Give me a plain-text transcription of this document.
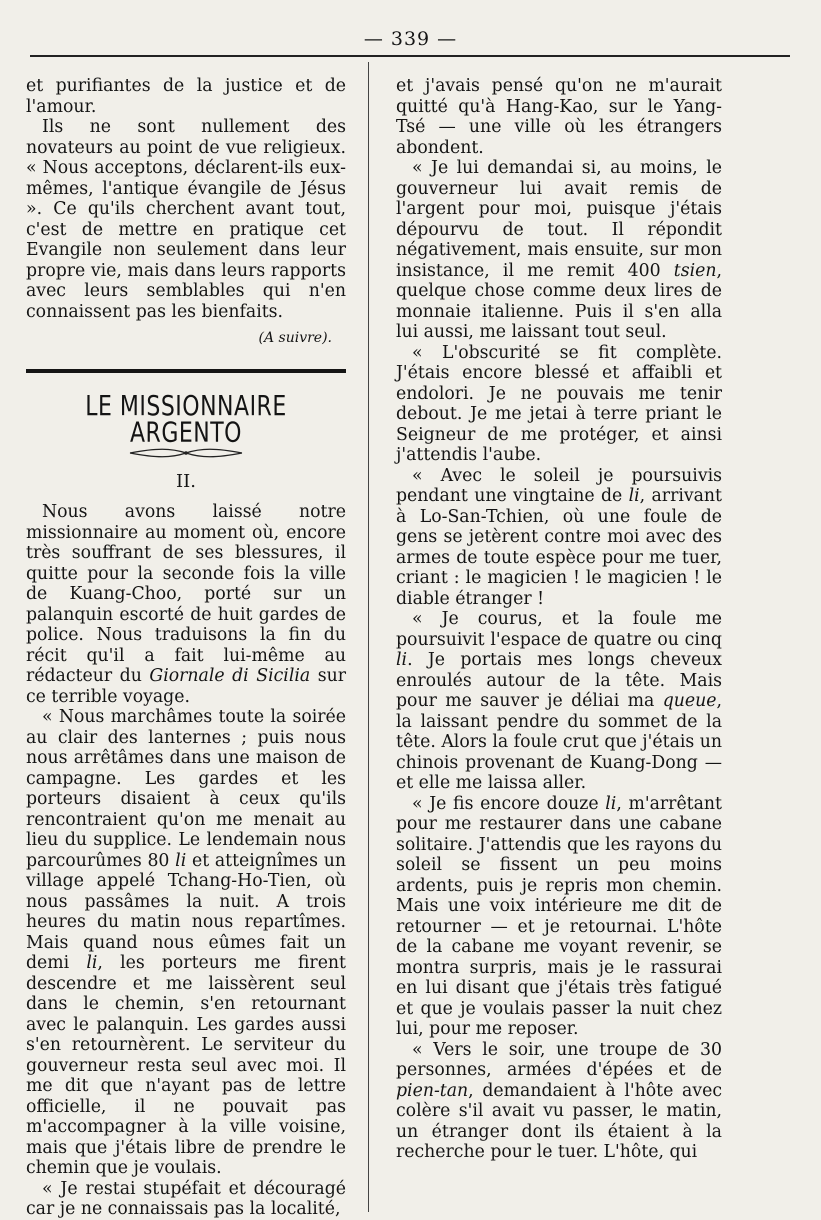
— 339 —

et purifiantes de la justice et de l'amour.

Ils ne sont nullement des novateurs au point de vue religieux. « Nous acceptons, déclarent-ils eux-mêmes, l'antique évangile de Jésus ». Ce qu'ils cherchent avant tout, c'est de mettre en pratique cet Evangile non seulement dans leur propre vie, mais dans leurs rapports avec leurs semblables qui n'en connaissent pas les bienfaits.

(A suivre).
LE MISSIONNAIRE ARGENTO
II.

Nous avons laissé notre missionnaire au moment où, encore très souffrant de ses blessures, il quitte pour la seconde fois la ville de Kuang-Choo, porté sur un palanquin escorté de huit gardes de police. Nous traduisons la fin du récit qu'il a fait lui-même au rédacteur du Giornale di Sicilia sur ce terrible voyage.

« Nous marchâmes toute la soirée au clair des lanternes ; puis nous nous arrêtâmes dans une maison de campagne. Les gardes et les porteurs disaient à ceux qu'ils rencontraient qu'on me menait au lieu du supplice. Le lendemain nous parcourûmes 80 li et atteignîmes un village appelé Tchang-Ho-Tien, où nous passâmes la nuit. A trois heures du matin nous repartîmes. Mais quand nous eûmes fait un demi li, les porteurs me firent descendre et me laissèrent seul dans le chemin, s'en retournant avec le palanquin. Les gardes aussi s'en retournèrent. Le serviteur du gouverneur resta seul avec moi. Il me dit que n'ayant pas de lettre officielle, il ne pouvait pas m'accompagner à la ville voisine, mais que j'étais libre de prendre le chemin que je voulais.

« Je restai stupéfait et découragé car je ne connaissais pas la localité,

et j'avais pensé qu'on ne m'aurait quitté qu'à Hang-Kao, sur le Yang-Tsé — une ville où les étrangers abondent.

« Je lui demandai si, au moins, le gouverneur lui avait remis de l'argent pour moi, puisque j'étais dépourvu de tout. Il répondit négativement, mais ensuite, sur mon insistance, il me remit 400 tsien, quelque chose comme deux lires de monnaie italienne. Puis il s'en alla lui aussi, me laissant tout seul.

« L'obscurité se fit complète. J'étais encore blessé et affaibli et endolori. Je ne pouvais me tenir debout. Je me jetai à terre priant le Seigneur de me protéger, et ainsi j'attendis l'aube.

« Avec le soleil je poursuivis pendant une vingtaine de li, arrivant à Lo-San-Tchien, où une foule de gens se jetèrent contre moi avec des armes de toute espèce pour me tuer, criant : le magicien ! le magicien ! le diable étranger !

« Je courus, et la foule me poursuivit l'espace de quatre ou cinq li. Je portais mes longs cheveux enroulés autour de la tête. Mais pour me sauver je déliai ma queue, la laissant pendre du sommet de la tête. Alors la foule crut que j'étais un chinois provenant de Kuang-Dong — et elle me laissa aller.

« Je fis encore douze li, m'arrêtant pour me restaurer dans une cabane solitaire. J'attendis que les rayons du soleil se fissent un peu moins ardents, puis je repris mon chemin. Mais une voix intérieure me dit de retourner — et je retournai. L'hôte de la cabane me voyant revenir, se montra surpris, mais je le rassurai en lui disant que j'étais très fatigué et que je voulais passer la nuit chez lui, pour me reposer.

« Vers le soir, une troupe de 30 personnes, armées d'épées et de pien-tan, demandaient à l'hôte avec colère s'il avait vu passer, le matin, un étranger dont ils étaient à la recherche pour le tuer. L'hôte, qui
